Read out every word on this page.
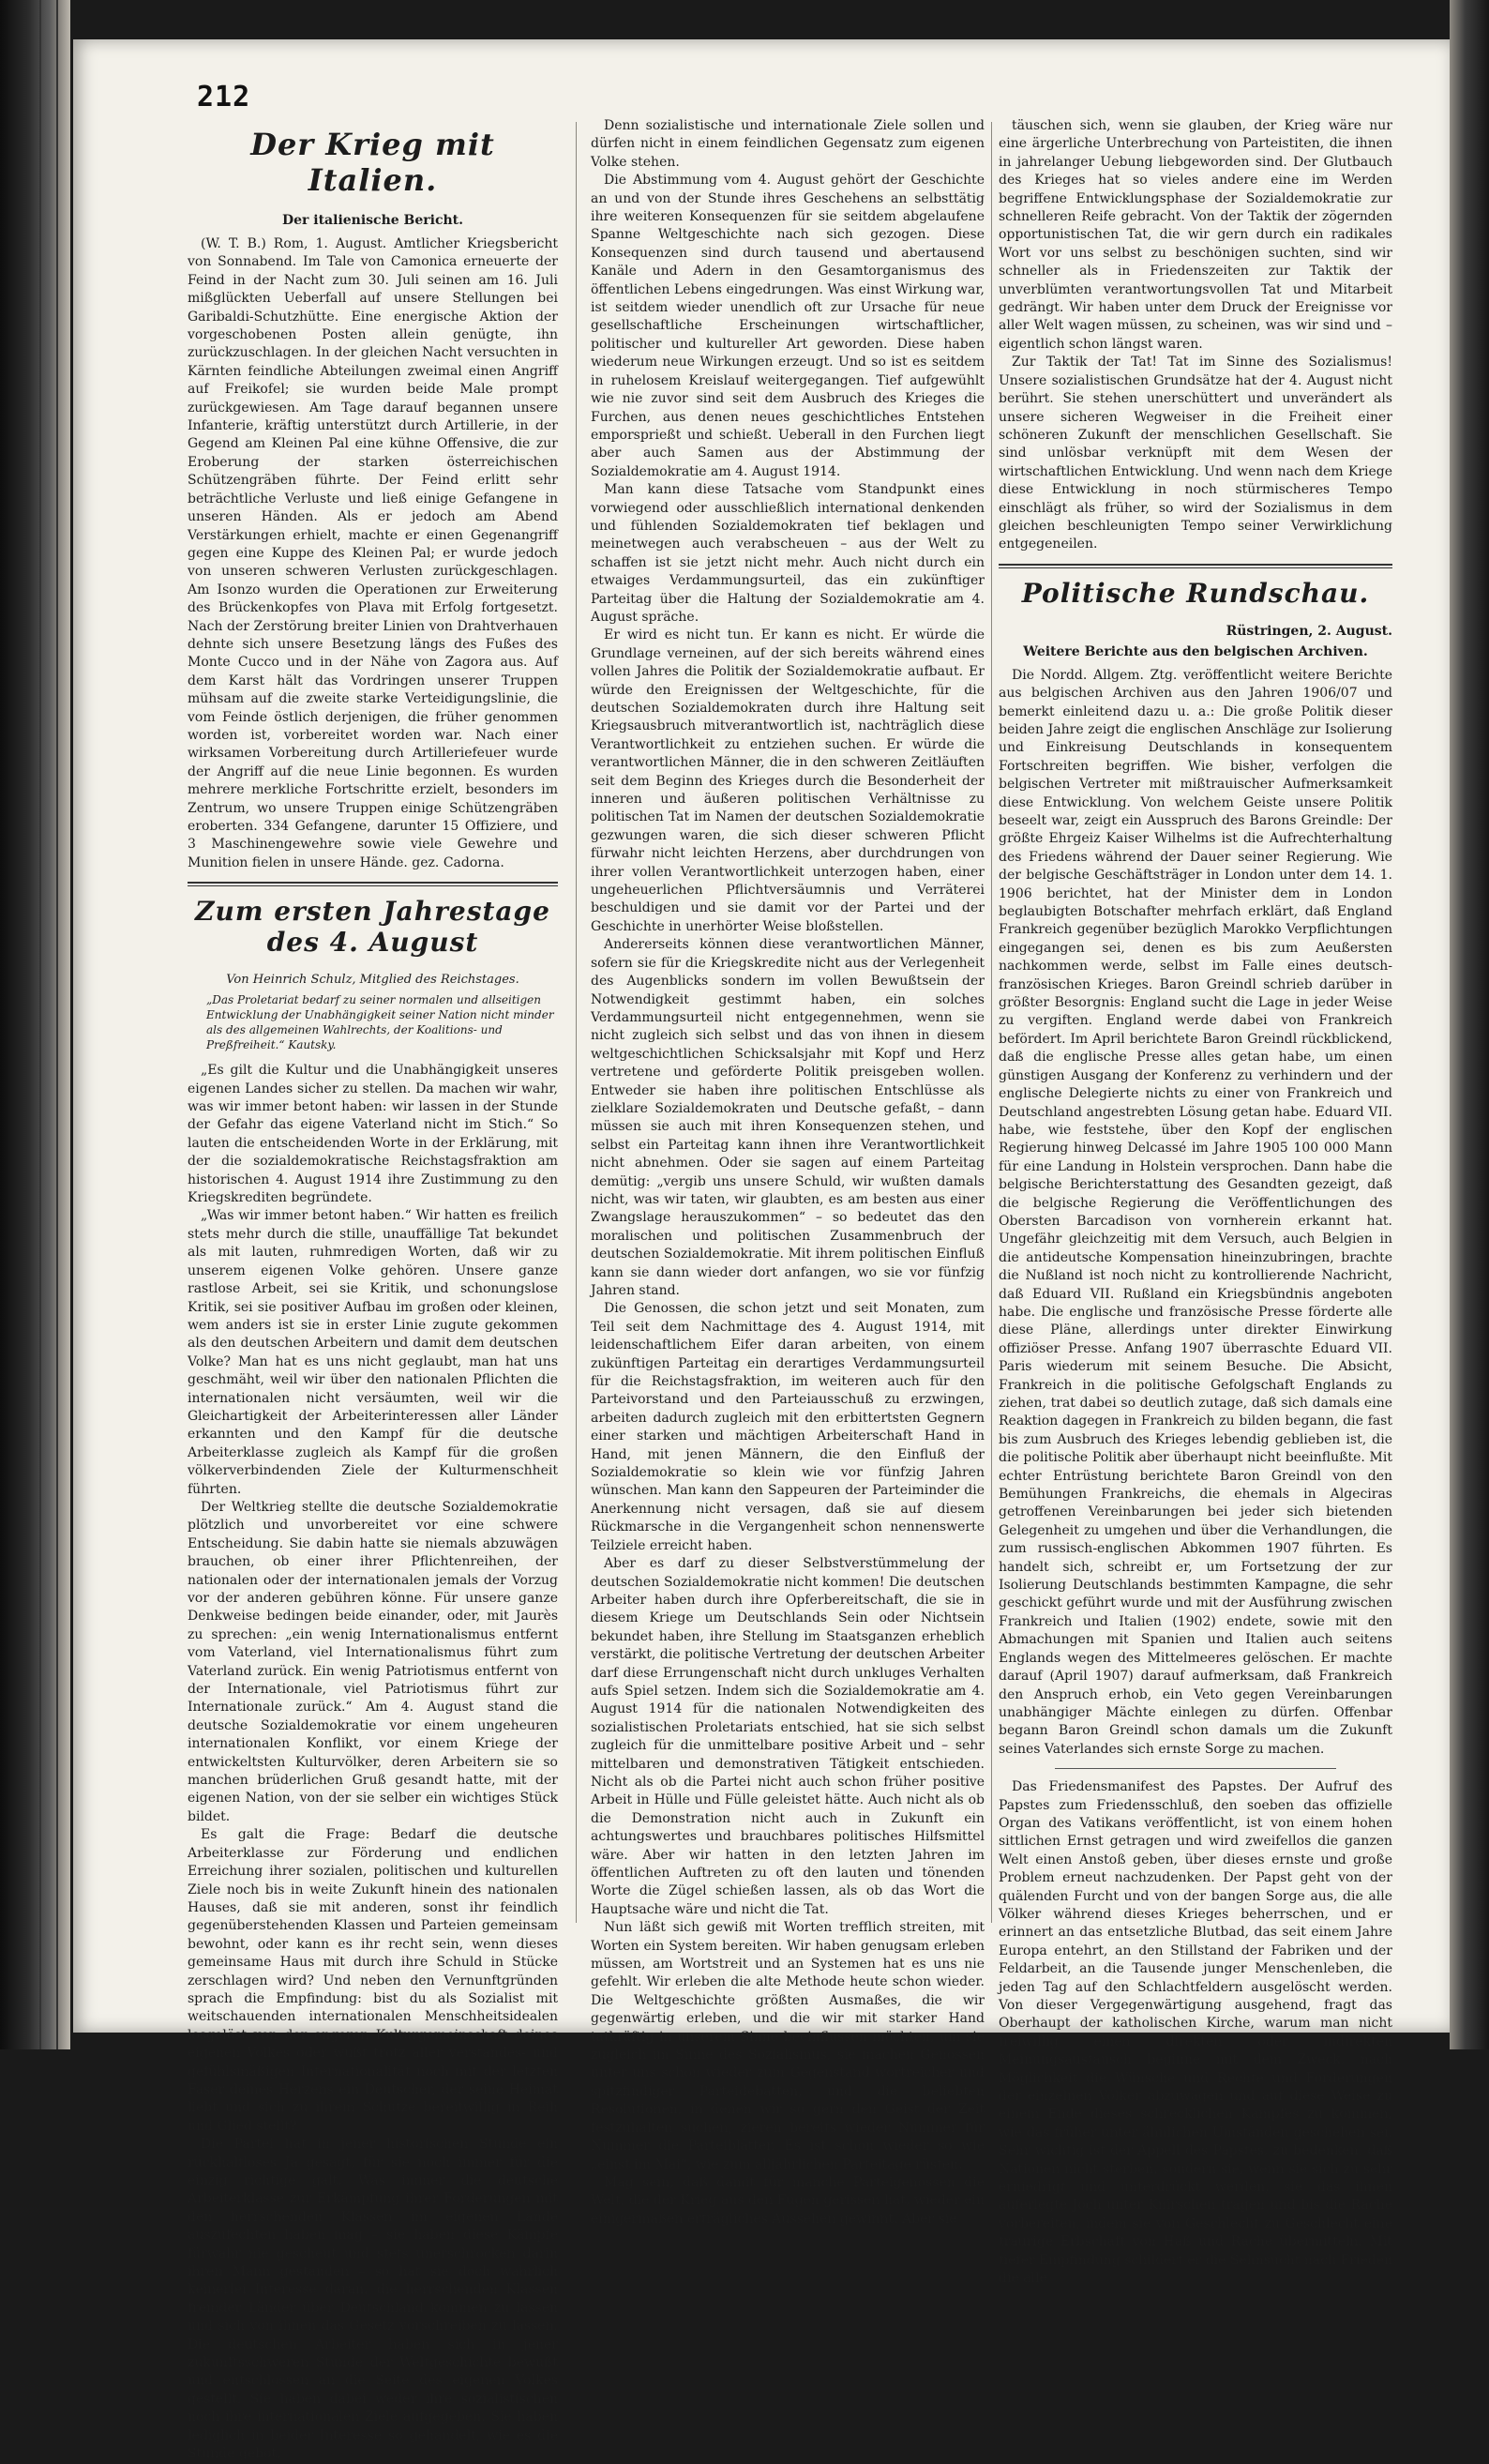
212
Der Krieg mit Italien.
Der italienische Bericht.

(W. T. B.) Rom, 1. August. Amtlicher Kriegsbericht von Sonnabend. Im Tale von Camonica erneuerte der Feind in der Nacht zum 30. Juli seinen am 16. Juli mißglückten Ueberfall auf unsere Stellungen bei Garibaldi-Schutzhütte. Eine energische Aktion der vorgeschobenen Posten allein genügte, ihn zurückzuschlagen. In der gleichen Nacht versuchten in Kärnten feindliche Abteilungen zweimal einen Angriff auf Freikofel; sie wurden beide Male prompt zurückgewiesen. Am Tage darauf begannen unsere Infanterie, kräftig unterstützt durch Artillerie, in der Gegend am Kleinen Pal eine kühne Offensive, die zur Eroberung der starken österreichischen Schützengräben führte. Der Feind erlitt sehr beträchtliche Verluste und ließ einige Gefangene in unseren Händen. Als er jedoch am Abend Verstärkungen erhielt, machte er einen Gegenangriff gegen eine Kuppe des Kleinen Pal; er wurde jedoch von unseren schweren Verlusten zurückgeschlagen. Am Isonzo wurden die Operationen zur Erweiterung des Brückenkopfes von Plava mit Erfolg fortgesetzt. Nach der Zerstörung breiter Linien von Drahtverhauen dehnte sich unsere Besetzung längs des Fußes des Monte Cucco und in der Nähe von Zagora aus. Auf dem Karst hält das Vordringen unserer Truppen mühsam auf die zweite starke Verteidigungslinie, die vom Feinde östlich derjenigen, die früher genommen worden ist, vorbereitet worden war. Nach einer wirksamen Vorbereitung durch Artilleriefeuer wurde der Angriff auf die neue Linie begonnen. Es wurden mehrere merkliche Fortschritte erzielt, besonders im Zentrum, wo unsere Truppen einige Schützengräben eroberten. 334 Gefangene, darunter 15 Offiziere, und 3 Maschinengewehre sowie viele Gewehre und Munition fielen in unsere Hände. gez. Cadorna.

Zum ersten Jahrestage des 4. August
Von Heinrich Schulz, Mitglied des Reichstages.
„Das Proletariat bedarf zu seiner normalen und allseitigen Entwicklung der Unabhängigkeit seiner Nation nicht minder als des allgemeinen Wahlrechts, der Koalitions- und Preßfreiheit.“ Kautsky.

„Es gilt die Kultur und die Unabhängigkeit unseres eigenen Landes sicher zu stellen. Da machen wir wahr, was wir immer betont haben: wir lassen in der Stunde der Gefahr das eigene Vaterland nicht im Stich.“ So lauten die entscheidenden Worte in der Erklärung, mit der die sozialdemokratische Reichstagsfraktion am historischen 4. August 1914 ihre Zustimmung zu den Kriegskrediten begründete.

„Was wir immer betont haben.“ Wir hatten es freilich stets mehr durch die stille, unauffällige Tat bekundet als mit lauten, ruhmredigen Worten, daß wir zu unserem eigenen Volke gehören. Unsere ganze rastlose Arbeit, sei sie Kritik, und schonungslose Kritik, sei sie positiver Aufbau im großen oder kleinen, wem anders ist sie in erster Linie zugute gekommen als den deutschen Arbeitern und damit dem deutschen Volke? Man hat es uns nicht geglaubt, man hat uns geschmäht, weil wir über den nationalen Pflichten die internationalen nicht versäumten, weil wir die Gleichartigkeit der Arbeiterinteressen aller Länder erkannten und den Kampf für die deutsche Arbeiterklasse zugleich als Kampf für die großen völkerverbindenden Ziele der Kulturmenschheit führten.

Der Weltkrieg stellte die deutsche Sozialdemokratie plötzlich und unvorbereitet vor eine schwere Entscheidung. Sie dabin hatte sie niemals abzuwägen brauchen, ob einer ihrer Pflichtenreihen, der nationalen oder der internationalen jemals der Vorzug vor der anderen gebühren könne. Für unsere ganze Denkweise bedingen beide einander, oder, mit Jaurès zu sprechen: „ein wenig Internationalismus entfernt vom Vaterland, viel Internationalismus führt zum Vaterland zurück. Ein wenig Patriotismus entfernt von der Internationale, viel Patriotismus führt zur Internationale zurück.“ Am 4. August stand die deutsche Sozialdemokratie vor einem ungeheuren internationalen Konflikt, vor einem Kriege der entwickeltsten Kulturvölker, deren Arbeitern sie so manchen brüderlichen Gruß gesandt hatte, mit der eigenen Nation, von der sie selber ein wichtiges Stück bildet.

Es galt die Frage: Bedarf die deutsche Arbeiterklasse zur Förderung und endlichen Erreichung ihrer sozialen, politischen und kulturellen Ziele noch bis in weite Zukunft hinein des nationalen Hauses, daß sie mit anderen, sonst ihr feindlich gegenüberstehenden Klassen und Parteien gemeinsam bewohnt, oder kann es ihr recht sein, wenn dieses gemeinsame Haus mit durch ihre Schuld in Stücke zerschlagen wird? Und neben den Vernunftgründen sprach die Empfindung: bist du als Sozialist mit weitschauenden internationalen Menschheitsidealen losgelöst von der engeren Kulturgemeinschaft deines eigenen Volkes oder wußt trotz aller verstandes- und gefühlsmäßigen Internationalität noch mit der letzten Faser deines Herzens ein Deutscher, der seine Heimat liebt und sich zu ihrem Schutze bereitwillig in Reih und Glied stellt?

Die Partei hat in jener historischen Stunde ein rückhaltloses Ja gesagt, für sie noch immer für die einzig richtige galt. Was immer die deutsche Arbeiterklasse zur Erkämpfung ihrer Forderungen mit den herrschenden Klassen im eigenen Lande auszufechten haben mag – sie haben diese Kämpfe fürwahr nie gescheut und stets unerschrocken darin ihren Mann gestanden – so hat sie doch wahrlich keinerlei Interesse daran, die herrschenden Klassen fremder Länder über Deutschland kommen zu lassen und sich von ihnen das Gesetz vorschreiben zu lassen. Die deutschen Arbeiter haben sich in jener zukunftsschweren Stunde der Weltgeschichte bewußt und entschlossen an die Seite des eigenen Volkes gestellt. Sie haben dabei weder ihre sozialistischen noch ihre internationalen Ziele aufgegeben. Sie haben lediglich in beider Interesse so gehandelt, wie es die Stunde gebot.

Denn sozialistische und internationale Ziele sollen und dürfen nicht in einem feindlichen Gegensatz zum eigenen Volke stehen.

Die Abstimmung vom 4. August gehört der Geschichte an und von der Stunde ihres Geschehens an selbsttätig ihre weiteren Konsequenzen für sie seitdem abgelaufene Spanne Weltgeschichte nach sich gezogen. Diese Konsequenzen sind durch tausend und abertausend Kanäle und Adern in den Gesamtorganismus des öffentlichen Lebens eingedrungen. Was einst Wirkung war, ist seitdem wieder unendlich oft zur Ursache für neue gesellschaftliche Erscheinungen wirtschaftlicher, politischer und kultureller Art geworden. Diese haben wiederum neue Wirkungen erzeugt. Und so ist es seitdem in ruhelosem Kreislauf weitergegangen. Tief aufgewühlt wie nie zuvor sind seit dem Ausbruch des Krieges die Furchen, aus denen neues geschichtliches Entstehen emporsprießt und schießt. Ueberall in den Furchen liegt aber auch Samen aus der Abstimmung der Sozialdemokratie am 4. August 1914.

Man kann diese Tatsache vom Standpunkt eines vorwiegend oder ausschließlich international denkenden und fühlenden Sozialdemokraten tief beklagen und meinetwegen auch verabscheuen – aus der Welt zu schaffen ist sie jetzt nicht mehr. Auch nicht durch ein etwaiges Verdammungsurteil, das ein zukünftiger Parteitag über die Haltung der Sozialdemokratie am 4. August spräche.

Er wird es nicht tun. Er kann es nicht. Er würde die Grundlage verneinen, auf der sich bereits während eines vollen Jahres die Politik der Sozialdemokratie aufbaut. Er würde den Ereignissen der Weltgeschichte, für die deutschen Sozialdemokraten durch ihre Haltung seit Kriegsausbruch mitverantwortlich ist, nachträglich diese Verantwortlichkeit zu entziehen suchen. Er würde die verantwortlichen Männer, die in den schweren Zeitläuften seit dem Beginn des Krieges durch die Besonderheit der inneren und äußeren politischen Verhältnisse zu politischen Tat im Namen der deutschen Sozialdemokratie gezwungen waren, die sich dieser schweren Pflicht fürwahr nicht leichten Herzens, aber durchdrungen von ihrer vollen Verantwortlichkeit unterzogen haben, einer ungeheuerlichen Pflichtversäumnis und Verräterei beschuldigen und sie damit vor der Partei und der Geschichte in unerhörter Weise bloßstellen.

Andererseits können diese verantwortlichen Männer, sofern sie für die Kriegskredite nicht aus der Verlegenheit des Augenblicks sondern im vollen Bewußtsein der Notwendigkeit gestimmt haben, ein solches Verdammungsurteil nicht entgegennehmen, wenn sie nicht zugleich sich selbst und das von ihnen in diesem weltgeschichtlichen Schicksalsjahr mit Kopf und Herz vertretene und geförderte Politik preisgeben wollen. Entweder sie haben ihre politischen Entschlüsse als zielklare Sozialdemokraten und Deutsche gefaßt, – dann müssen sie auch mit ihren Konsequenzen stehen, und selbst ein Parteitag kann ihnen ihre Verantwortlichkeit nicht abnehmen. Oder sie sagen auf einem Parteitag demütig: „vergib uns unsere Schuld, wir wußten damals nicht, was wir taten, wir glaubten, es am besten aus einer Zwangslage herauszukommen“ – so bedeutet das den moralischen und politischen Zusammenbruch der deutschen Sozialdemokratie. Mit ihrem politischen Einfluß kann sie dann wieder dort anfangen, wo sie vor fünfzig Jahren stand.

Die Genossen, die schon jetzt und seit Monaten, zum Teil seit dem Nachmittage des 4. August 1914, mit leidenschaftlichem Eifer daran arbeiten, von einem zukünftigen Parteitag ein derartiges Verdammungsurteil für die Reichstagsfraktion, im weiteren auch für den Parteivorstand und den Parteiausschuß zu erzwingen, arbeiten dadurch zugleich mit den erbittertsten Gegnern einer starken und mächtigen Arbeiterschaft Hand in Hand, mit jenen Männern, die den Einfluß der Sozialdemokratie so klein wie vor fünfzig Jahren wünschen. Man kann den Sappeuren der Parteiminder die Anerkennung nicht versagen, daß sie auf diesem Rückmarsche in die Vergangenheit schon nennenswerte Teilziele erreicht haben.

Aber es darf zu dieser Selbstverstümmelung der deutschen Sozialdemokratie nicht kommen! Die deutschen Arbeiter haben durch ihre Opferbereitschaft, die sie in diesem Kriege um Deutschlands Sein oder Nichtsein bekundet haben, ihre Stellung im Staatsganzen erheblich verstärkt, die politische Vertretung der deutschen Arbeiter darf diese Errungenschaft nicht durch unkluges Verhalten aufs Spiel setzen. Indem sich die Sozialdemokratie am 4. August 1914 für die nationalen Notwendigkeiten des sozialistischen Proletariats entschied, hat sie sich selbst zugleich für die unmittelbare positive Arbeit und – sehr mittelbaren und demonstrativen Tätigkeit entschieden. Nicht als ob die Partei nicht auch schon früher positive Arbeit in Hülle und Fülle geleistet hätte. Auch nicht als ob die Demonstration nicht auch in Zukunft ein achtungswertes und brauchbares politisches Hilfsmittel wäre. Aber wir hatten in den letzten Jahren im öffentlichen Auftreten zu oft den lauten und tönenden Worte die Zügel schießen lassen, als ob das Wort die Hauptsache wäre und nicht die Tat.

Nun läßt sich gewiß mit Worten trefflich streiten, mit Worten ein System bereiten. Wir haben genugsam erleben müssen, am Wortstreit und an Systemen hat es uns nie gefehlt. Wir erleben die alte Methode heute schon wieder. Die Weltgeschichte größten Ausmaßes, die wir gegenwärtig erleben, und die wir mit starker Hand tatkräftig in unserem Sinne beeinflussen möchten, um sie zugleich im Sinne des Sozialismus, sie machen Genossen unter uns schon wieder zum Gegenstand wortreicher und spitzfindiger Parteidebatten, und die beliebten Resolutionen, in denen wir so gern den Geist der Zeit festzuhalten suchen, zieren bereits wieder Nummer für Nummer die Parteiblätter. Es ist schon wieder so wie „einst im Mai“, wie zum alljährlichen Parteitage rüsten.

Mag sein, daß damit für manche Parteigenossen die Welt, die der Krieg aus den Fugen gerissen hat, wieder ein einigermaßen erträgliches Aussehen gewinnt. Aber sie

täuschen sich, wenn sie glauben, der Krieg wäre nur eine ärgerliche Unterbrechung von Parteistiten, die ihnen in jahrelanger Uebung liebgeworden sind. Der Glutbauch des Krieges hat so vieles andere eine im Werden begriffene Entwicklungsphase der Sozialdemokratie zur schnelleren Reife gebracht. Von der Taktik der zögernden opportunistischen Tat, die wir gern durch ein radikales Wort vor uns selbst zu beschönigen suchten, sind wir schneller als in Friedenszeiten zur Taktik der unverblümten verantwortungsvollen Tat und Mitarbeit gedrängt. Wir haben unter dem Druck der Ereignisse vor aller Welt wagen müssen, zu scheinen, was wir sind und – eigentlich schon längst waren.

Zur Taktik der Tat! Tat im Sinne des Sozialismus! Unsere sozialistischen Grundsätze hat der 4. August nicht berührt. Sie stehen unerschüttert und unverändert als unsere sicheren Wegweiser in die Freiheit einer schöneren Zukunft der menschlichen Gesellschaft. Sie sind unlösbar verknüpft mit dem Wesen der wirtschaftlichen Entwicklung. Und wenn nach dem Kriege diese Entwicklung in noch stürmischeres Tempo einschlägt als früher, so wird der Sozialismus in dem gleichen beschleunigten Tempo seiner Verwirklichung entgegeneilen.

Politische Rundschau.
Rüstringen, 2. August.
Weitere Berichte aus den belgischen Archiven.

Die Nordd. Allgem. Ztg. veröffentlicht weitere Berichte aus belgischen Archiven aus den Jahren 1906/07 und bemerkt einleitend dazu u. a.: Die große Politik dieser beiden Jahre zeigt die englischen Anschläge zur Isolierung und Einkreisung Deutschlands in konsequentem Fortschreiten begriffen. Wie bisher, verfolgen die belgischen Vertreter mit mißtrauischer Aufmerksamkeit diese Entwicklung. Von welchem Geiste unsere Politik beseelt war, zeigt ein Ausspruch des Barons Greindle: Der größte Ehrgeiz Kaiser Wilhelms ist die Aufrechterhaltung des Friedens während der Dauer seiner Regierung. Wie der belgische Geschäftsträger in London unter dem 14. 1. 1906 berichtet, hat der Minister dem in London beglaubigten Botschafter mehrfach erklärt, daß England Frankreich gegenüber bezüglich Marokko Verpflichtungen eingegangen sei, denen es bis zum Aeußersten nachkommen werde, selbst im Falle eines deutsch-französischen Krieges. Baron Greindl schrieb darüber in größter Besorgnis: England sucht die Lage in jeder Weise zu vergiften. England werde dabei von Frankreich befördert. Im April berichtete Baron Greindl rückblickend, daß die englische Presse alles getan habe, um einen günstigen Ausgang der Konferenz zu verhindern und der englische Delegierte nichts zu einer von Frankreich und Deutschland angestrebten Lösung getan habe. Eduard VII. habe, wie feststehe, über den Kopf der englischen Regierung hinweg Delcassé im Jahre 1905 100 000 Mann für eine Landung in Holstein versprochen. Dann habe die belgische Berichterstattung des Gesandten gezeigt, daß die belgische Regierung die Veröffentlichungen des Obersten Barcadison von vornherein erkannt hat. Ungefähr gleichzeitig mit dem Versuch, auch Belgien in die antideutsche Kompensation hineinzubringen, brachte die Nußland ist noch nicht zu kontrollierende Nachricht, daß Eduard VII. Rußland ein Kriegsbündnis angeboten habe. Die englische und französische Presse förderte alle diese Pläne, allerdings unter direkter Einwirkung offiziöser Presse. Anfang 1907 überraschte Eduard VII. Paris wiederum mit seinem Besuche. Die Absicht, Frankreich in die politische Gefolgschaft Englands zu ziehen, trat dabei so deutlich zutage, daß sich damals eine Reaktion dagegen in Frankreich zu bilden begann, die fast bis zum Ausbruch des Krieges lebendig geblieben ist, die die politische Politik aber überhaupt nicht beeinflußte. Mit echter Entrüstung berichtete Baron Greindl von den Bemühungen Frankreichs, die ehemals in Algeciras getroffenen Vereinbarungen bei jeder sich bietenden Gelegenheit zu umgehen und über die Verhandlungen, die zum russisch-englischen Abkommen 1907 führten. Es handelt sich, schreibt er, um Fortsetzung der zur Isolierung Deutschlands bestimmten Kampagne, die sehr geschickt geführt wurde und mit der Ausführung zwischen Frankreich und Italien (1902) endete, sowie mit den Abmachungen mit Spanien und Italien auch seitens Englands wegen des Mittelmeeres gelöschen. Er machte darauf (April 1907) darauf aufmerksam, daß Frankreich den Anspruch erhob, ein Veto gegen Vereinbarungen unabhängiger Mächte einlegen zu dürfen. Offenbar begann Baron Greindl schon damals um die Zukunft seines Vaterlandes sich ernste Sorge zu machen.

Das Friedensmanifest des Papstes. Der Aufruf des Papstes zum Friedensschluß, den soeben das offizielle Organ des Vatikans veröffentlicht, ist von einem hohen sittlichen Ernst getragen und wird zweifellos die ganzen Welt einen Anstoß geben, über dieses ernste und große Problem erneut nachzudenken. Der Papst geht von der quälenden Furcht und von der bangen Sorge aus, die alle Völker während dieses Krieges beherrschen, und er erinnert an das entsetzliche Blutbad, das seit einem Jahre Europa entehrt, an den Stillstand der Fabriken und der Feldarbeit, an die Tausende junger Menschenleben, die jeden Tag auf den Schlachtfeldern ausgelöscht werden. Von dieser Vergegenwärtigung ausgehend, fragt das Oberhaupt der katholischen Kirche, warum man nicht freiwillig einen direkten oder indirekten Meinungsaustausch beginne mit dem Zweck, nach Möglichkeit die Wünsche und Rechte und Forderungen der einzelnen Völker abzuwägen und auf diese Weise zu einem Ende dieses schrecklichen Kampfes zu kommen, wie das früher unter ähnlichen Umständen geschehen sei. Sehr wichtig ist der Appell des Papstes, zu bedenken, daß Nationen nicht sterben, sondern sie, wenn sie sich zu sehr erniedrigt und unterdrückt werden, sie das ihnen auferlegte Joch unter Knirschen tragen und bis die Rache vorbereiten, indem sie von Geschlecht zu Geschlecht eine traurige Erbschaft von Haß und Rache übermitteln. Mit tiefer Empfindung schildert er die Sehnsucht nach Frieden die alle
